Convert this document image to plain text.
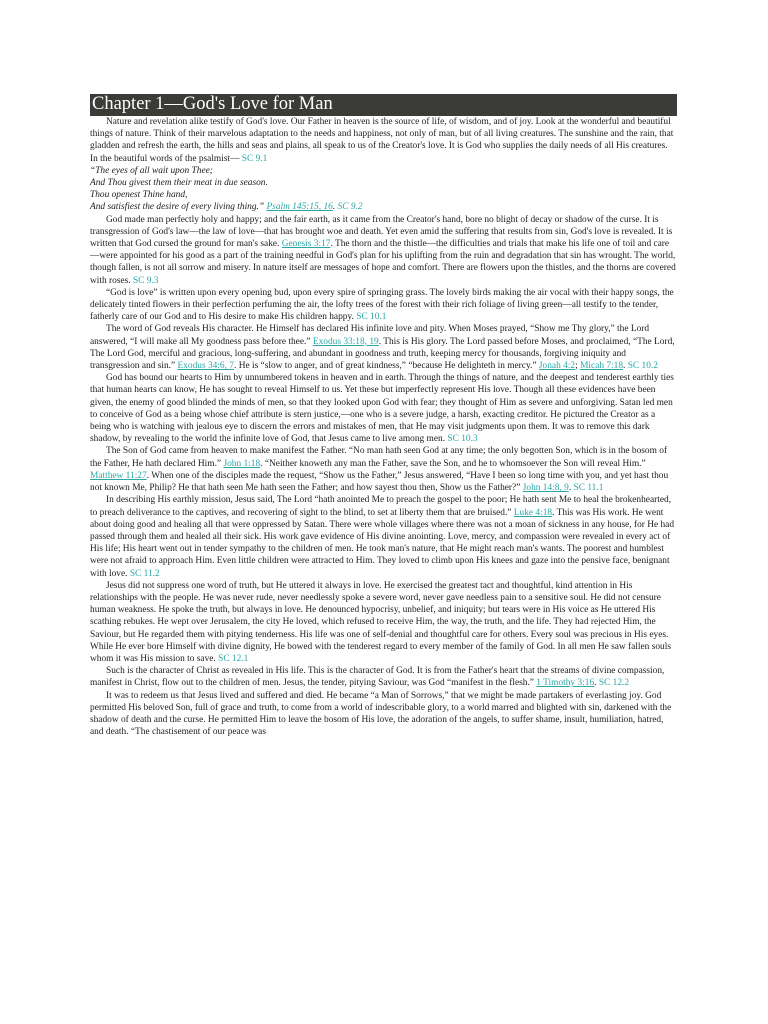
Chapter 1—God's Love for Man
Nature and revelation alike testify of God's love. Our Father in heaven is the source of life, of wisdom, and of joy. Look at the wonderful and beautiful things of nature. Think of their marvelous adaptation to the needs and happiness, not only of man, but of all living creatures. The sunshine and the rain, that gladden and refresh the earth, the hills and seas and plains, all speak to us of the Creator's love. It is God who supplies the daily needs of all His creatures. In the beautiful words of the psalmist— SC 9.1
“The eyes of all wait upon Thee;
And Thou givest them their meat in due season.
Thou openest Thine hand,
And satisfiest the desire of every living thing.” Psalm 145:15, 16. SC 9.2
God made man perfectly holy and happy; and the fair earth, as it came from the Creator's hand, bore no blight of decay or shadow of the curse. It is transgression of God's law—the law of love—that has brought woe and death. Yet even amid the suffering that results from sin, God's love is revealed. It is written that God cursed the ground for man's sake. Genesis 3:17. The thorn and the thistle—the difficulties and trials that make his life one of toil and care—were appointed for his good as a part of the training needful in God's plan for his uplifting from the ruin and degradation that sin has wrought. The world, though fallen, is not all sorrow and misery. In nature itself are messages of hope and comfort. There are flowers upon the thistles, and the thorns are covered with roses. SC 9.3
“God is love” is written upon every opening bud, upon every spire of springing grass. The lovely birds making the air vocal with their happy songs, the delicately tinted flowers in their perfection perfuming the air, the lofty trees of the forest with their rich foliage of living green—all testify to the tender, fatherly care of our God and to His desire to make His children happy. SC 10.1
The word of God reveals His character. He Himself has declared His infinite love and pity. When Moses prayed, “Show me Thy glory,” the Lord answered, “I will make all My goodness pass before thee.” Exodus 33:18, 19. This is His glory. The Lord passed before Moses, and proclaimed, “The Lord, The Lord God, merciful and gracious, long-suffering, and abundant in goodness and truth, keeping mercy for thousands, forgiving iniquity and transgression and sin.” Exodus 34:6, 7. He is “slow to anger, and of great kindness,” “because He delighteth in mercy.” Jonah 4:2; Micah 7:18. SC 10.2
God has bound our hearts to Him by unnumbered tokens in heaven and in earth. Through the things of nature, and the deepest and tenderest earthly ties that human hearts can know, He has sought to reveal Himself to us. Yet these but imperfectly represent His love. Though all these evidences have been given, the enemy of good blinded the minds of men, so that they looked upon God with fear; they thought of Him as severe and unforgiving. Satan led men to conceive of God as a being whose chief attribute is stern justice,—one who is a severe judge, a harsh, exacting creditor. He pictured the Creator as a being who is watching with jealous eye to discern the errors and mistakes of men, that He may visit judgments upon them. It was to remove this dark shadow, by revealing to the world the infinite love of God, that Jesus came to live among men. SC 10.3
The Son of God came from heaven to make manifest the Father. “No man hath seen God at any time; the only begotten Son, which is in the bosom of the Father, He hath declared Him.” John 1:18. “Neither knoweth any man the Father, save the Son, and he to whomsoever the Son will reveal Him.” Matthew 11:27. When one of the disciples made the request, “Show us the Father,” Jesus answered, “Have I been so long time with you, and yet hast thou not known Me, Philip? He that hath seen Me hath seen the Father; and how sayest thou then, Show us the Father?” John 14:8, 9. SC 11.1
In describing His earthly mission, Jesus said, The Lord “hath anointed Me to preach the gospel to the poor; He hath sent Me to heal the brokenhearted, to preach deliverance to the captives, and recovering of sight to the blind, to set at liberty them that are bruised.” Luke 4:18. This was His work. He went about doing good and healing all that were oppressed by Satan. There were whole villages where there was not a moan of sickness in any house, for He had passed through them and healed all their sick. His work gave evidence of His divine anointing. Love, mercy, and compassion were revealed in every act of His life; His heart went out in tender sympathy to the children of men. He took man's nature, that He might reach man's wants. The poorest and humblest were not afraid to approach Him. Even little children were attracted to Him. They loved to climb upon His knees and gaze into the pensive face, benignant with love. SC 11.2
Jesus did not suppress one word of truth, but He uttered it always in love. He exercised the greatest tact and thoughtful, kind attention in His relationships with the people. He was never rude, never needlessly spoke a severe word, never gave needless pain to a sensitive soul. He did not censure human weakness. He spoke the truth, but always in love. He denounced hypocrisy, unbelief, and iniquity; but tears were in His voice as He uttered His scathing rebukes. He wept over Jerusalem, the city He loved, which refused to receive Him, the way, the truth, and the life. They had rejected Him, the Saviour, but He regarded them with pitying tenderness. His life was one of self-denial and thoughtful care for others. Every soul was precious in His eyes. While He ever bore Himself with divine dignity, He bowed with the tenderest regard to every member of the family of God. In all men He saw fallen souls whom it was His mission to save. SC 12.1
Such is the character of Christ as revealed in His life. This is the character of God. It is from the Father's heart that the streams of divine compassion, manifest in Christ, flow out to the children of men. Jesus, the tender, pitying Saviour, was God “manifest in the flesh.” 1 Timothy 3:16. SC 12.2
It was to redeem us that Jesus lived and suffered and died. He became “a Man of Sorrows,” that we might be made partakers of everlasting joy. God permitted His beloved Son, full of grace and truth, to come from a world of indescribable glory, to a world marred and blighted with sin, darkened with the shadow of death and the curse. He permitted Him to leave the bosom of His love, the adoration of the angels, to suffer shame, insult, humiliation, hatred, and death. “The chastisement of our peace was
